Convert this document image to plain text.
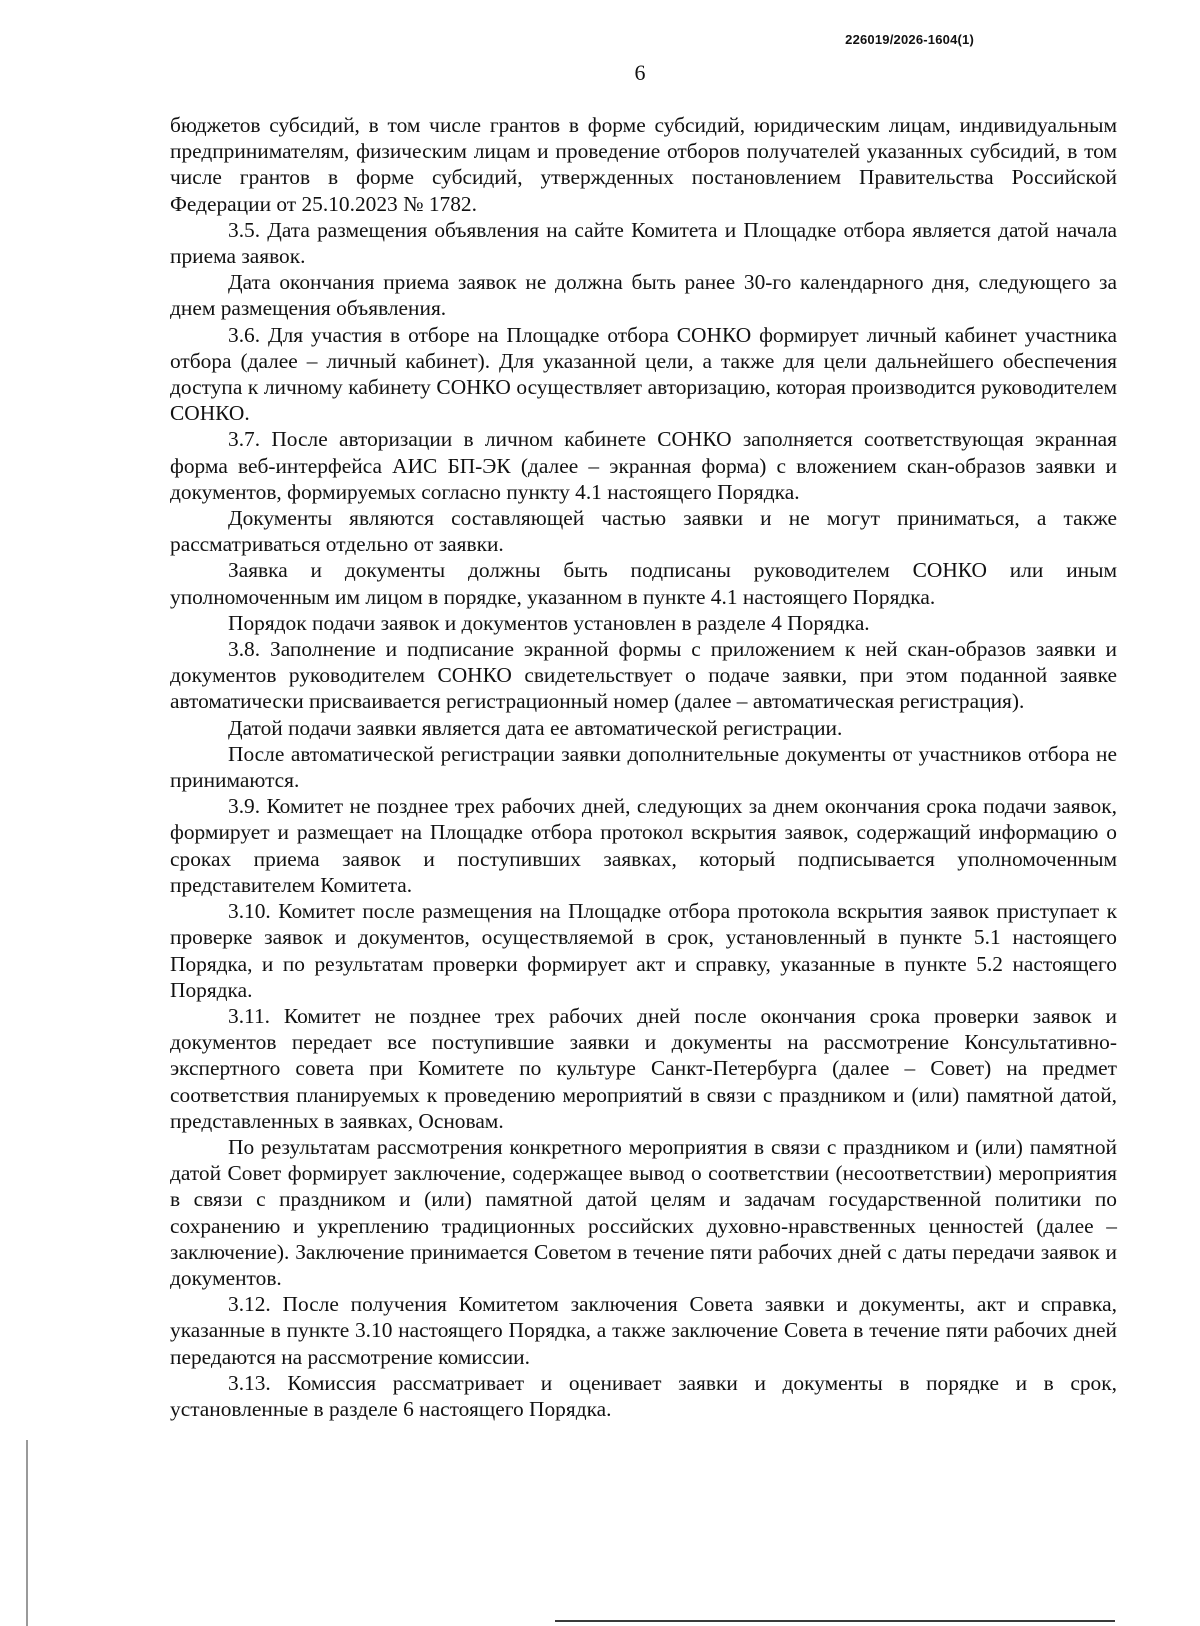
226019/2026-1604(1)
6

бюджетов субсидий, в том числе грантов в форме субсидий, юридическим лицам, индивидуальным предпринимателям, физическим лицам и проведение отборов получателей указанных субсидий, в том числе грантов в форме субсидий, утвержденных постановлением Правительства Российской Федерации от 25.10.2023 № 1782.

3.5. Дата размещения объявления на сайте Комитета и Площадке отбора является датой начала приема заявок.

Дата окончания приема заявок не должна быть ранее 30-го календарного дня, следующего за днем размещения объявления.

3.6. Для участия в отборе на Площадке отбора СОНКО формирует личный кабинет участника отбора (далее – личный кабинет). Для указанной цели, а также для цели дальнейшего обеспечения доступа к личному кабинету СОНКО осуществляет авторизацию, которая производится руководителем СОНКО.

3.7. После авторизации в личном кабинете СОНКО заполняется соответствующая экранная форма веб-интерфейса АИС БП-ЭК (далее – экранная форма) с вложением скан-образов заявки и документов, формируемых согласно пункту 4.1 настоящего Порядка.

Документы являются составляющей частью заявки и не могут приниматься, а также рассматриваться отдельно от заявки.

Заявка и документы должны быть подписаны руководителем СОНКО или иным уполномоченным им лицом в порядке, указанном в пункте 4.1 настоящего Порядка.

Порядок подачи заявок и документов установлен в разделе 4 Порядка.

3.8. Заполнение и подписание экранной формы с приложением к ней скан-образов заявки и документов руководителем СОНКО свидетельствует о подаче заявки, при этом поданной заявке автоматически присваивается регистрационный номер (далее – автоматическая регистрация).

Датой подачи заявки является дата ее автоматической регистрации.

После автоматической регистрации заявки дополнительные документы от участников отбора не принимаются.

3.9. Комитет не позднее трех рабочих дней, следующих за днем окончания срока подачи заявок, формирует и размещает на Площадке отбора протокол вскрытия заявок, содержащий информацию о сроках приема заявок и поступивших заявках, который подписывается уполномоченным представителем Комитета.

3.10. Комитет после размещения на Площадке отбора протокола вскрытия заявок приступает к проверке заявок и документов, осуществляемой в срок, установленный в пункте 5.1 настоящего Порядка, и по результатам проверки формирует акт и справку, указанные в пункте 5.2 настоящего Порядка.

3.11. Комитет не позднее трех рабочих дней после окончания срока проверки заявок и документов передает все поступившие заявки и документы на рассмотрение Консультативно-экспертного совета при Комитете по культуре Санкт-Петербурга (далее – Совет) на предмет соответствия планируемых к проведению мероприятий в связи с праздником и (или) памятной датой, представленных в заявках, Основам.

По результатам рассмотрения конкретного мероприятия в связи с праздником и (или) памятной датой Совет формирует заключение, содержащее вывод о соответствии (несоответствии) мероприятия в связи с праздником и (или) памятной датой целям и задачам государственной политики по сохранению и укреплению традиционных российских духовно-нравственных ценностей (далее – заключение). Заключение принимается Советом в течение пяти рабочих дней с даты передачи заявок и документов.

3.12. После получения Комитетом заключения Совета заявки и документы, акт и справка, указанные в пункте 3.10 настоящего Порядка, а также заключение Совета в течение пяти рабочих дней передаются на рассмотрение комиссии.

3.13. Комиссия рассматривает и оценивает заявки и документы в порядке и в срок, установленные в разделе 6 настоящего Порядка.
